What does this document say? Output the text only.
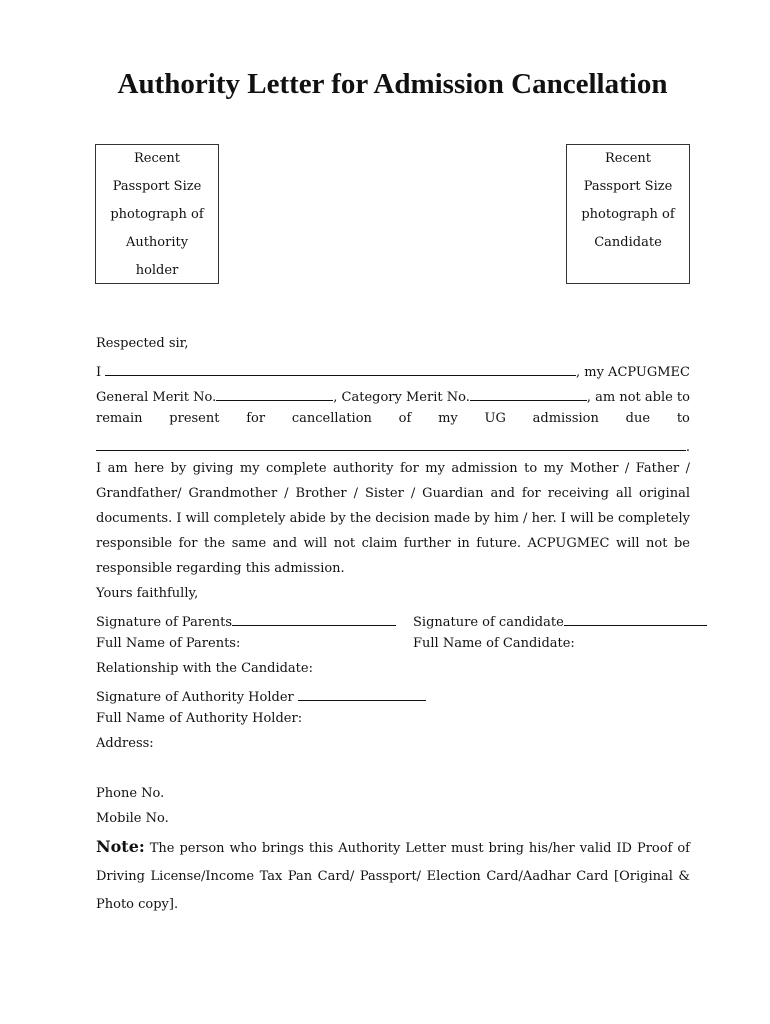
Authority Letter for Admission Cancellation
Recent
Passport Size
photograph of
Authority
holder
Recent
Passport Size
photograph of
Candidate
Respected sir,
I	, my ACPUGMEC
General Merit No.	, Category Merit No.	, am not able to
remain present for cancellation of my UG admission due to
.
I am here by giving my complete authority for my admission to my Mother / Father / Grandfather/ Grandmother / Brother / Sister / Guardian and for receiving all original documents. I will completely abide by the decision made by him / her. I will be completely responsible for the same and will not claim further in future. ACPUGMEC will not be responsible regarding this admission.
Yours faithfully,
Signature of Parents	Signature of candidate
Full Name of Parents:	Full Name of Candidate:
Relationship with the Candidate:
Signature of Authority Holder
Full Name of Authority Holder:
Address:
Phone No.
Mobile No.
Note: The person who brings this Authority Letter must bring his/her valid ID Proof of Driving License/Income Tax Pan Card/ Passport/ Election Card/Aadhar Card [Original & Photo copy].
